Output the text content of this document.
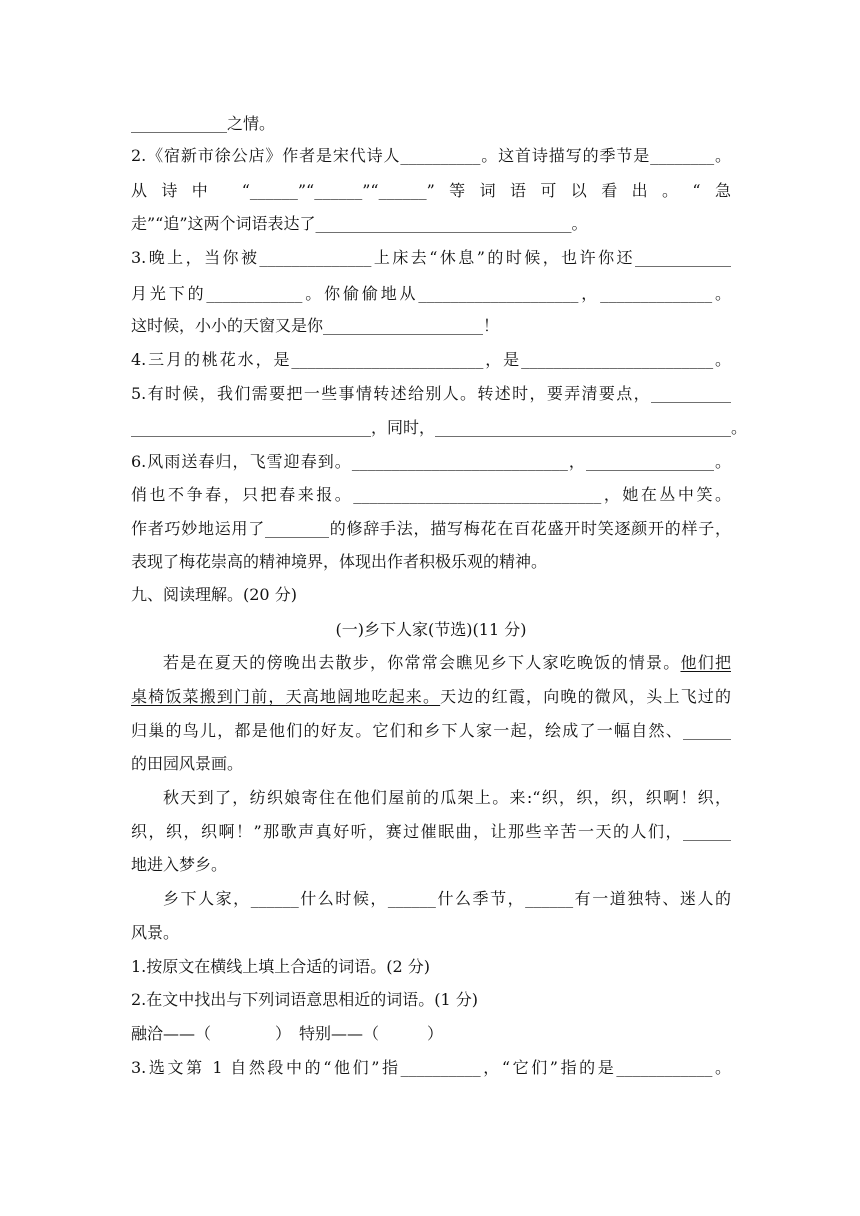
____________之情。
2.《宿新市徐公店》作者是宋代诗人__________。这首诗描写的季节是________。
从诗中 “______”“______”“______”等词语可以看出。“急
走”“追”这两个词语表达了________________________________。
3.晚上，当你被______________上床去“休息”的时候，也许你还____________
月光下的____________。你偷偷地从____________________，______________。
这时候，小小的天窗又是你____________________！
4.三月的桃花水，是________________________，是________________________。
5.有时候，我们需要把一些事情转述给别人。转述时，要弄清要点，__________
______________________________，同时，_____________________________________。
6.风雨送春归，飞雪迎春到。___________________________，________________。
俏也不争春，只把春来报。_______________________________，她在丛中笑。
作者巧妙地运用了________的修辞手法，描写梅花在百花盛开时笑逐颜开的样子，
表现了梅花崇高的精神境界，体现出作者积极乐观的精神。
九、阅读理解。(20 分)
(一)乡下人家(节选)(11 分)
若是在夏天的傍晚出去散步，你常常会瞧见乡下人家吃晚饭的情景。他们把
桌椅饭菜搬到门前，天高地阔地吃起来。天边的红霞，向晚的微风，头上飞过的
归巢的鸟儿，都是他们的好友。它们和乡下人家一起，绘成了一幅自然、______
的田园风景画。
秋天到了，纺织娘寄住在他们屋前的瓜架上。来:“织，织，织，织啊！织，
织，织，织啊！”那歌声真好听，赛过催眠曲，让那些辛苦一天的人们，______
地进入梦乡。
乡下人家，______什么时候，______什么季节，______有一道独特、迷人的
风景。
1.按原文在横线上填上合适的词语。(2 分)
2.在文中找出与下列词语意思相近的词语。(1 分)
融洽——（　　　　）　特别——（　　　）
3.选文第 1 自然段中的“他们”指__________，“它们”指的是____________。
